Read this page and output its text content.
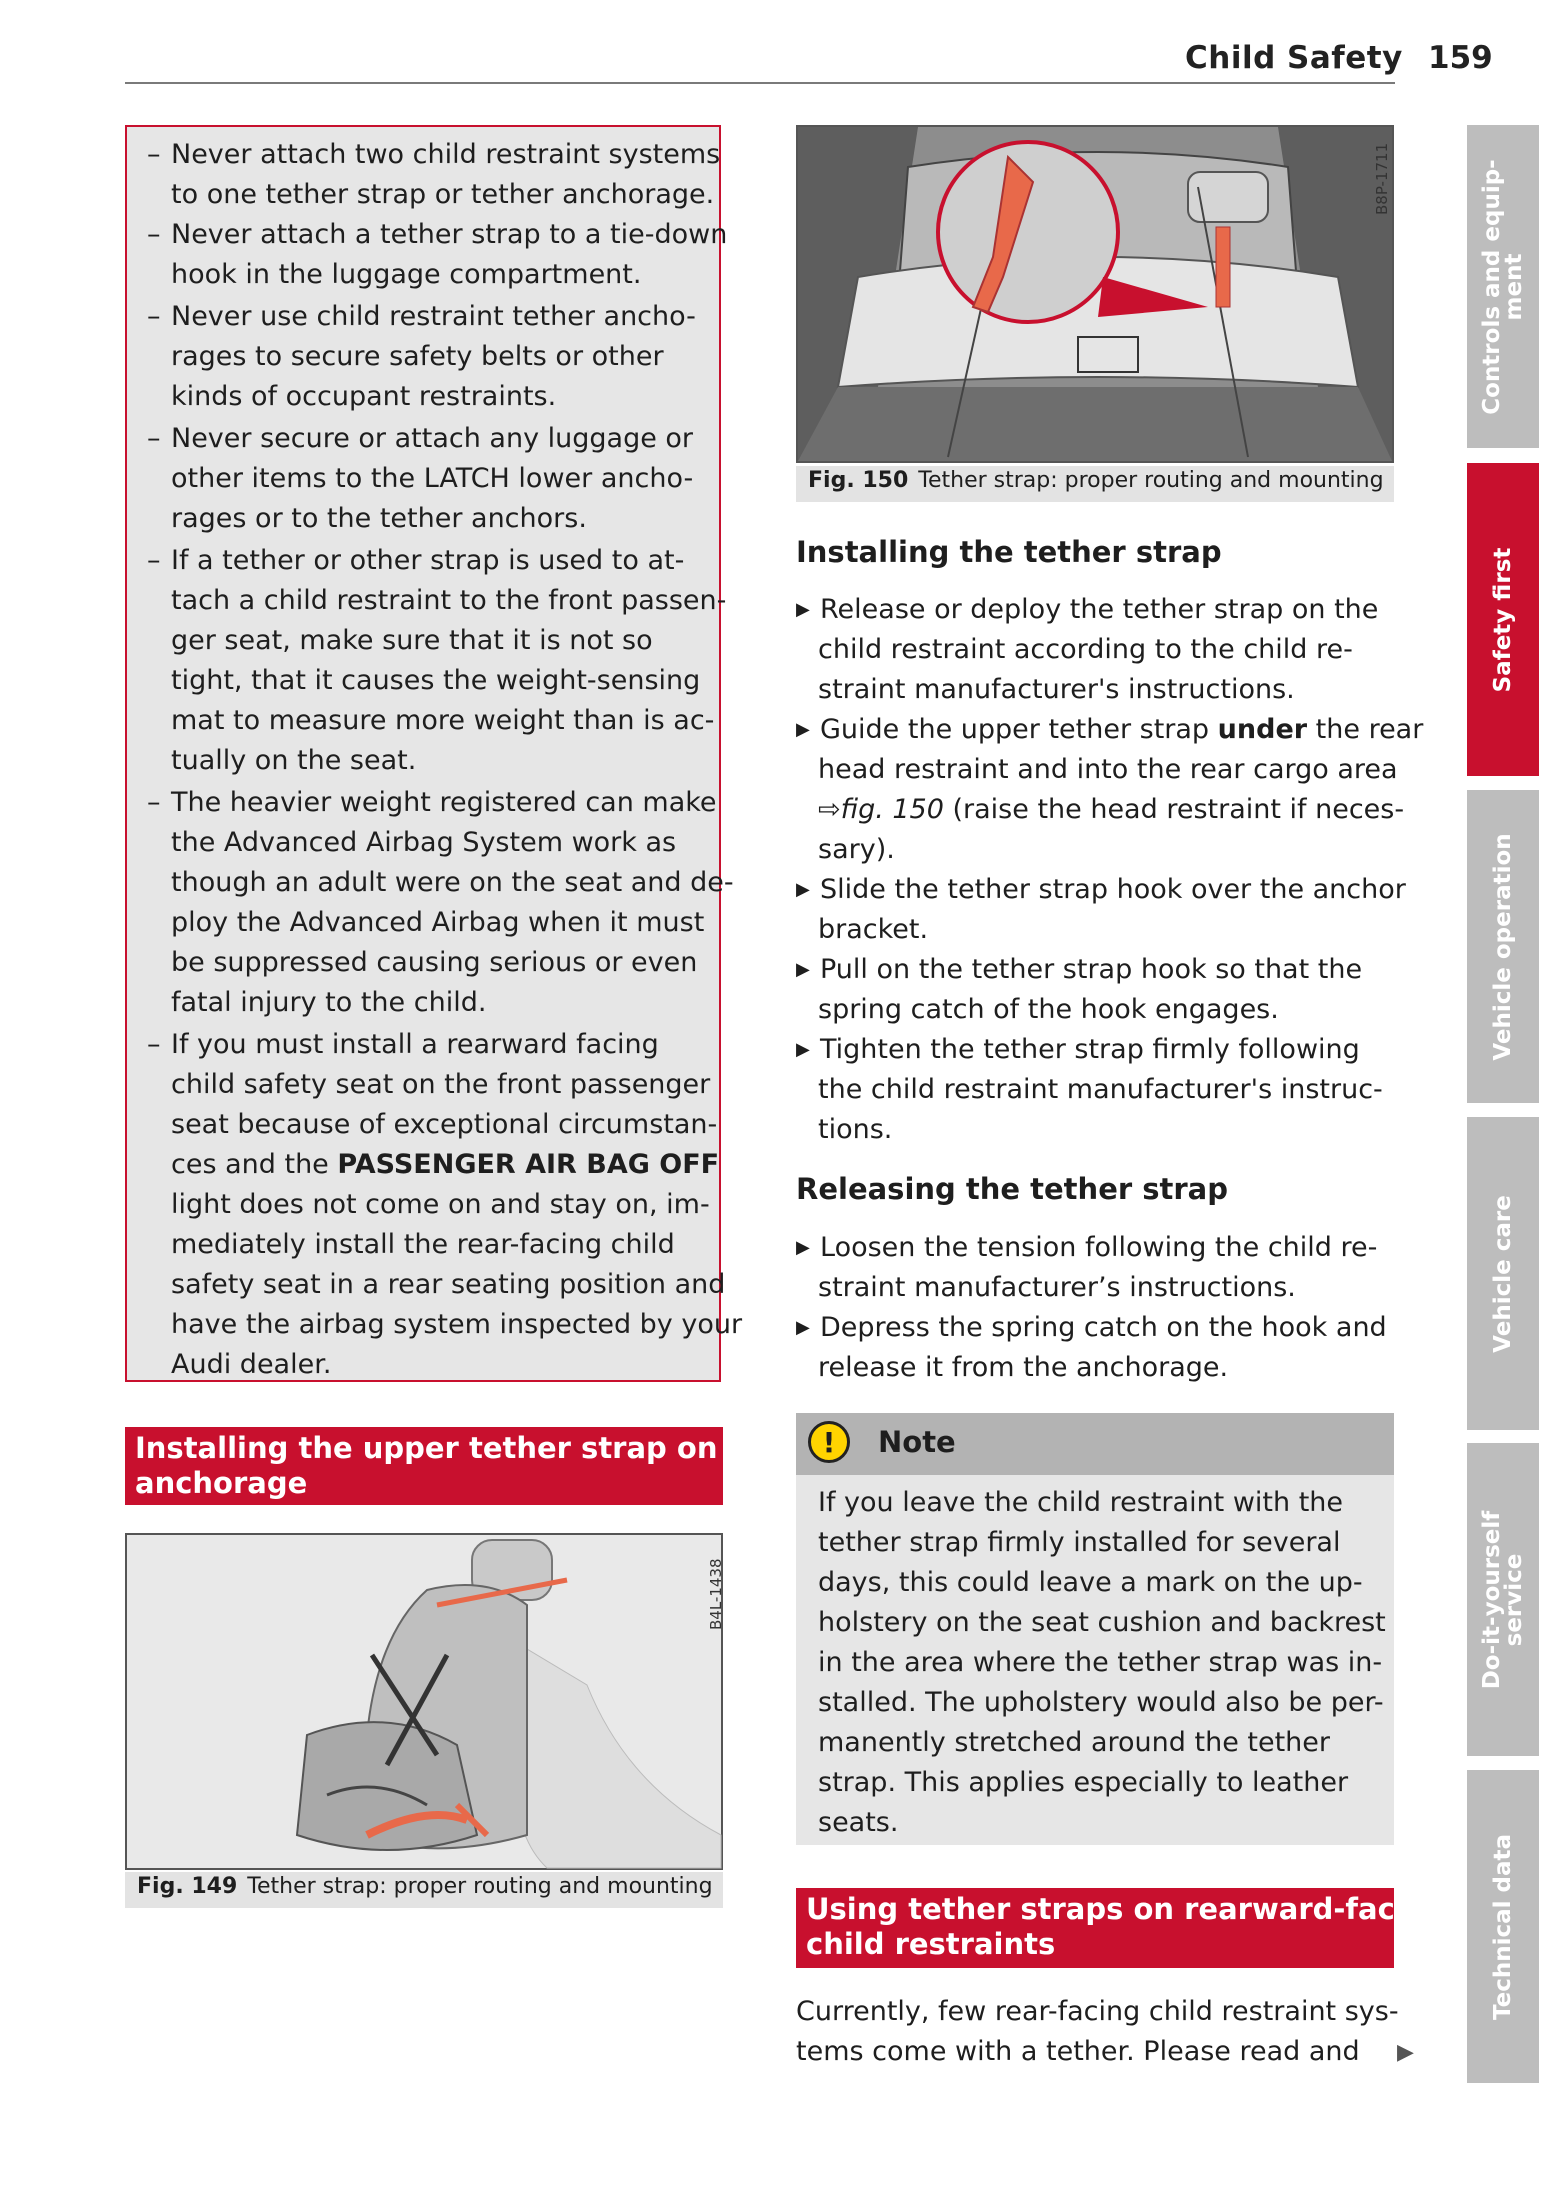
Child Safety 159
– Never attach two child restraint systems
to one tether strap or tether anchorage.
– Never attach a tether strap to a tie-down
hook in the luggage compartment.
– Never use child restraint tether ancho-
rages to secure safety belts or other
kinds of occupant restraints.
– Never secure or attach any luggage or
other items to the LATCH lower ancho-
rages or to the tether anchors.
– If a tether or other strap is used to at-
tach a child restraint to the front passen-
ger seat, make sure that it is not so
tight, that it causes the weight-sensing
mat to measure more weight than is ac-
tually on the seat.
– The heavier weight registered can make
the Advanced Airbag System work as
though an adult were on the seat and de-
ploy the Advanced Airbag when it must
be suppressed causing serious or even
fatal injury to the child.
– If you must install a rearward facing
child safety seat on the front passenger
seat because of exceptional circumstan-
ces and the PASSENGER AIR BAG OFF
light does not come on and stay on, im-
mediately install the rear-facing child
safety seat in a rear seating position and
have the airbag system inspected by your
Audi dealer.
Installing the upper tether strap on the
anchorage
B4L-1438
Fig. 149 Tether strap: proper routing and mounting
B8P-1711
Fig. 150 Tether strap: proper routing and mounting
Installing the tether strap
▶ Release or deploy the tether strap on the
child restraint according to the child re-
straint manufacturer's instructions.
▶ Guide the upper tether strap under the rear
head restraint and into the rear cargo area
⇨fig. 150 (raise the head restraint if neces-
sary).
▶ Slide the tether strap hook over the anchor
bracket.
▶ Pull on the tether strap hook so that the
spring catch of the hook engages.
▶ Tighten the tether strap firmly following
the child restraint manufacturer's instruc-
tions.
Releasing the tether strap
▶ Loosen the tension following the child re-
straint manufacturer’s instructions.
▶ Depress the spring catch on the hook and
release it from the anchorage.
!	Note
If you leave the child restraint with the
tether strap firmly installed for several
days, this could leave a mark on the up-
holstery on the seat cushion and backrest
in the area where the tether strap was in-
stalled. The upholstery would also be per-
manently stretched around the tether
strap. This applies especially to leather
seats.
Using tether straps on rearward-facing
child restraints
Currently, few rear-facing child restraint sys-
tems come with a tether. Please read and ▶
Controls and equip-
ment
Safety first
Vehicle operation
Vehicle care
Do-it-yourself
service
Technical data
